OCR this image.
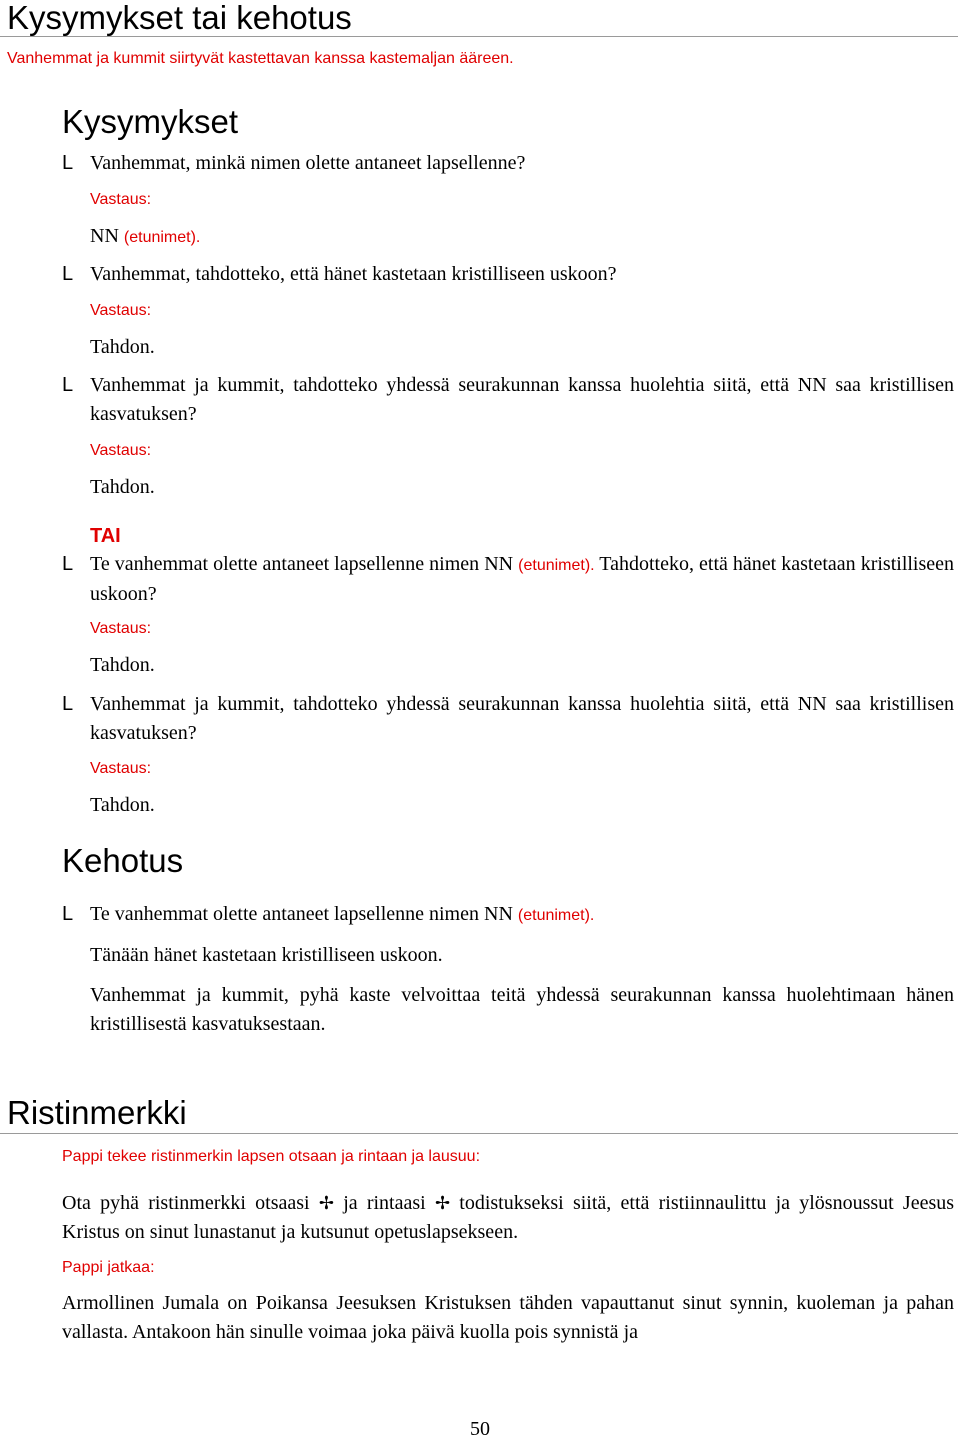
Kysymykset tai kehotus
Vanhemmat ja kummit siirtyvät kastettavan kanssa kastemaljan ääreen.
Kysymykset
L Vanhemmat, minkä nimen olette antaneet lapsellenne?
Vastaus:
NN (etunimet).
L Vanhemmat, tahdotteko, että hänet kastetaan kristilliseen uskoon?
Vastaus:
Tahdon.
L Vanhemmat ja kummit, tahdotteko yhdessä seurakunnan kanssa huolehtia siitä, että NN saa kristillisen kasvatuksen?
Vastaus:
Tahdon.
TAI
L Te vanhemmat olette antaneet lapsellenne nimen NN (etunimet). Tahdotteko, että hänet kastetaan kristilliseen uskoon?
Vastaus:
Tahdon.
L Vanhemmat ja kummit, tahdotteko yhdessä seurakunnan kanssa huolehtia siitä, että NN saa kristillisen kasvatuksen?
Vastaus:
Tahdon.
Kehotus
L Te vanhemmat olette antaneet lapsellenne nimen NN (etunimet).
Tänään hänet kastetaan kristilliseen uskoon.
Vanhemmat ja kummit, pyhä kaste velvoittaa teitä yhdessä seurakunnan kanssa huolehtimaan hänen kristillisestä kasvatuksestaan.
Ristinmerkki
Pappi tekee ristinmerkin lapsen otsaan ja rintaan ja lausuu:
Ota pyhä ristinmerkki otsaasi ✢ ja rintaasi ✢ todistukseksi siitä, että ristiinnaulittu ja ylösnoussut Jeesus Kristus on sinut lunastanut ja kutsunut opetuslapsekseen.
Pappi jatkaa:
Armollinen Jumala on Poikansa Jeesuksen Kristuksen tähden vapauttanut sinut synnin, kuoleman ja pahan vallasta. Antakoon hän sinulle voimaa joka päivä kuolla pois synnistä ja
50
